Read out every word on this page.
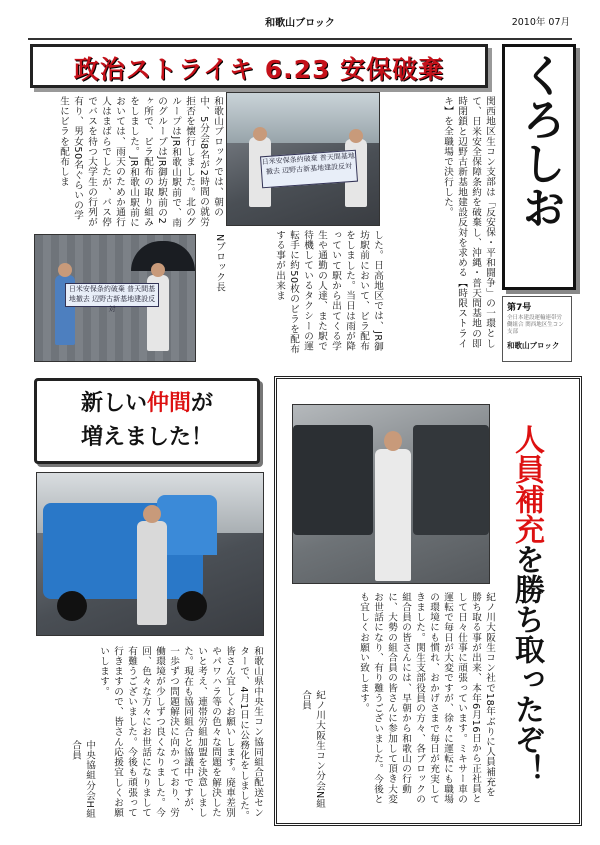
和歌山ブロック	2010年 07月
政治ストライキ 6.23 安保破棄	くろしお
第7号
全日本建設運輸連帯労働組合 関西地区生コン支部
和歌山ブロック
関西地区生コン支部は「反安保・平和闘争」の一環として、日米安全保障条約を破棄し、沖縄・普天間基地の即時閉鎖と辺野古新基地建設反対を求める【時限ストライキ】を全職場で決行した。
日米安保条約破棄 普天間基地撤去 辺野古新基地建設反対
した。日高地区では、JR御坊駅前において、ビラ配布をしました。当日は雨が降っていて駅から出てくる学生や通勤の人達、また駅で待機しているタクシーの運転手に約50枚のビラを配布する事が出来ま
和歌山ブロックでは、朝の中、5分会8名が2時間の就労拒否を懐行しました。北のグループはJR和歌山駅前で、南のグループはJR御坊駅前の2ヶ所で、ビラ配布の取り組みをしました。JR和歌山駅前においては、雨天のためか通行人はまばらでしたが、バス停でバスを待つ大学生の行列が有り、男女50名ぐらいの学生にビラを配布しま
日米安保条約破棄 普天間基地撤去 辺野古新基地建設反対
Nブロック長
新しい仲間が
増えました！
和歌山県中央生コン協同組合配送センターで、4月1日に公務化をしました。皆さん宜しくお願いします。廃車差別やパワハラ等の色々な問題を解決したいと考え、連帯労組加盟を決意しました。現在も協同組合と協議中ですが、一歩ずつ問題解決に向かっており、労働環境が少しずつ良くなりました。今回、色々な方々にお世話になりまして有難うございました。今後も頑張って行きますので、皆さん応援宜しくお願いします。
中央協組分会H組合員
人員補充を勝ち取ったぞ！
紀ノ川大阪生コン社で18年ぶりに人員補充を勝ち取る事が出来、本年6月16日から正社員として日々仕事に頑張っています。ミキサー車の運転で毎日が大変ですが、徐々に運転にも職場の環境にも慣れ、おかげさまで毎日が充実してきました。関生支部役員の方々、各ブロックの組合員の皆さんには、早朝から和歌山の行動に、大勢の組合員の皆さんに参加して頂き大変お世話になり、有り難うございました。今後とも宜しくお願い致します。
紀ノ川大阪生コン分会N組合員
